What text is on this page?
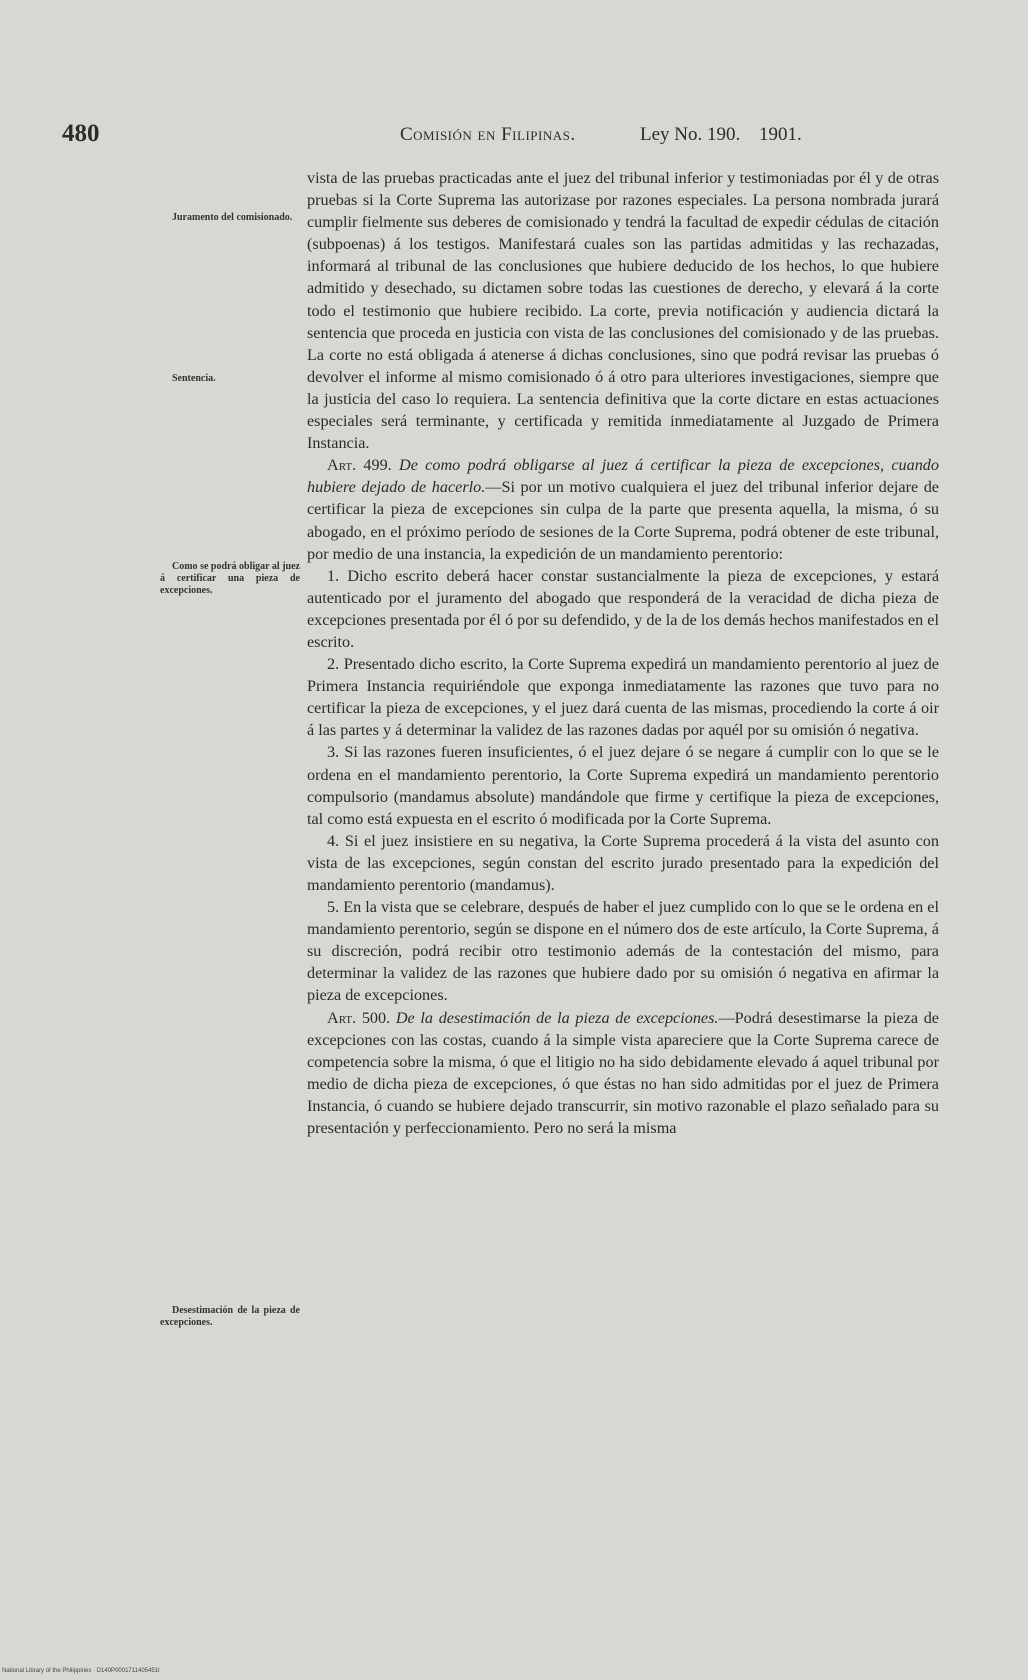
480	Comisión en Filipinas.	Ley No. 190. 1901.
Juramento del comisionado.
Sentencia.
Como se podrá obligar al juez á certificar una pieza de excepciones.
Desestimación de la pieza de excepciones.

vista de las pruebas practicadas ante el juez del tribunal inferior y testimoniadas por él y de otras pruebas si la Corte Suprema las autorizase por razones especiales. La persona nombrada jurará cumplir fielmente sus deberes de comisionado y tendrá la facultad de expedir cédulas de citación (subpoenas) á los testigos. Manifestará cuales son las partidas admitidas y las rechazadas, informará al tribunal de las conclusiones que hubiere deducido de los hechos, lo que hubiere admitido y desechado, su dictamen sobre todas las cuestiones de derecho, y elevará á la corte todo el testimonio que hubiere recibido. La corte, previa notificación y audiencia dictará la sentencia que proceda en justicia con vista de las conclusiones del comisionado y de las pruebas. La corte no está obligada á atenerse á dichas conclusiones, sino que podrá revisar las pruebas ó devolver el informe al mismo comisionado ó á otro para ulteriores investigaciones, siempre que la justicia del caso lo requiera. La sentencia definitiva que la corte dictare en estas actuaciones especiales será terminante, y certificada y remitida inmediatamente al Juzgado de Primera Instancia.

Art. 499. De como podrá obligarse al juez á certificar la pieza de excepciones, cuando hubiere dejado de hacerlo.—Si por un motivo cualquiera el juez del tribunal inferior dejare de certificar la pieza de excepciones sin culpa de la parte que presenta aquella, la misma, ó su abogado, en el próximo período de sesiones de la Corte Suprema, podrá obtener de este tribunal, por medio de una instancia, la expedición de un mandamiento perentorio:

1. Dicho escrito deberá hacer constar sustancialmente la pieza de excepciones, y estará autenticado por el juramento del abogado que responderá de la veracidad de dicha pieza de excepciones presentada por él ó por su defendido, y de la de los demás hechos manifestados en el escrito.

2. Presentado dicho escrito, la Corte Suprema expedirá un mandamiento perentorio al juez de Primera Instancia requiriéndole que exponga inmediatamente las razones que tuvo para no certificar la pieza de excepciones, y el juez dará cuenta de las mismas, procediendo la corte á oir á las partes y á determinar la validez de las razones dadas por aquél por su omisión ó negativa.

3. Si las razones fueren insuficientes, ó el juez dejare ó se negare á cumplir con lo que se le ordena en el mandamiento perentorio, la Corte Suprema expedirá un mandamiento perentorio compulsorio (mandamus absolute) mandándole que firme y certifique la pieza de excepciones, tal como está expuesta en el escrito ó modificada por la Corte Suprema.

4. Si el juez insistiere en su negativa, la Corte Suprema procederá á la vista del asunto con vista de las excepciones, según constan del escrito jurado presentado para la expedición del mandamiento perentorio (mandamus).

5. En la vista que se celebrare, después de haber el juez cumplido con lo que se le ordena en el mandamiento perentorio, según se dispone en el número dos de este artículo, la Corte Suprema, á su discreción, podrá recibir otro testimonio además de la contestación del mismo, para determinar la validez de las razones que hubiere dado por su omisión ó negativa en afirmar la pieza de excepciones.

Art. 500. De la desestimación de la pieza de excepciones.—Podrá desestimarse la pieza de excepciones con las costas, cuando á la simple vista apareciere que la Corte Suprema carece de competencia sobre la misma, ó que el litigio no ha sido debidamente elevado á aquel tribunal por medio de dicha pieza de excepciones, ó que éstas no han sido admitidas por el juez de Primera Instancia, ó cuando se hubiere dejado transcurrir, sin motivo razonable el plazo señalado para su presentación y perfeccionamiento. Pero no será la misma

National Library of the Philippines · D140P0001711405451I
